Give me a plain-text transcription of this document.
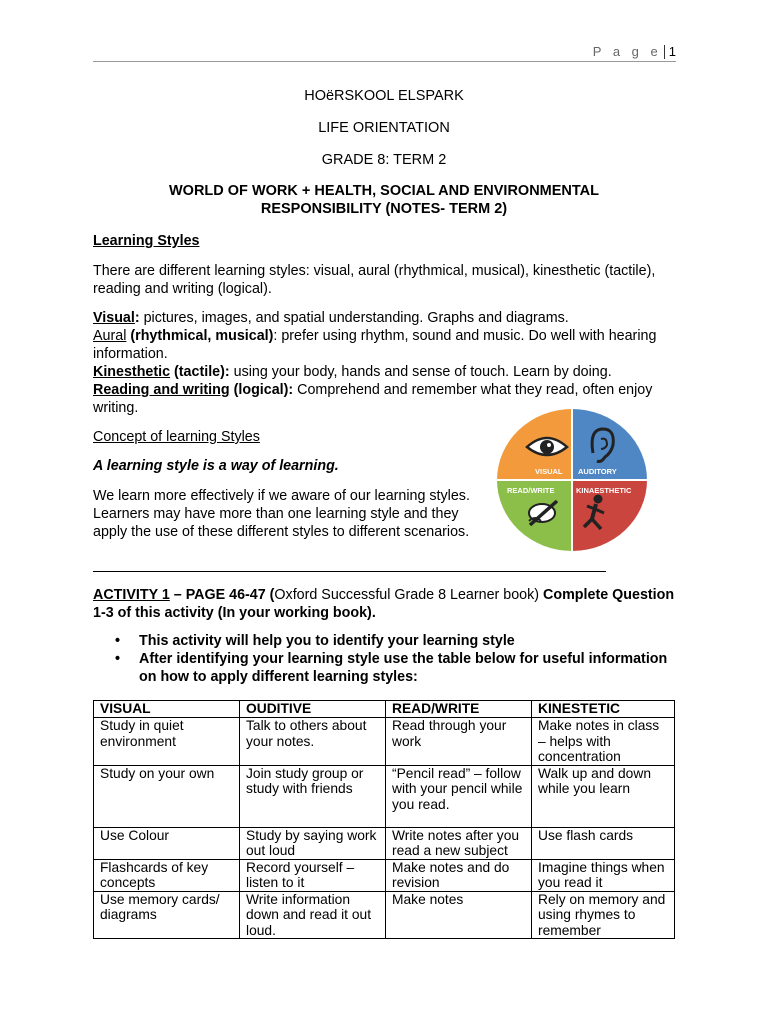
P a g e 1
HOëRSKOOL ELSPARK
LIFE ORIENTATION
GRADE 8: TERM 2
WORLD OF WORK + HEALTH, SOCIAL AND ENVIRONMENTAL
RESPONSIBILITY (NOTES- TERM 2)
Learning Styles
There are different learning styles: visual, aural (rhythmical, musical), kinesthetic (tactile), reading and writing (logical).
Visual: pictures, images, and spatial understanding. Graphs and diagrams.
Aural (rhythmical, musical): prefer using rhythm, sound and music. Do well with hearing information.
Kinesthetic (tactile): using your body, hands and sense of touch. Learn by doing.
Reading and writing (logical): Comprehend and remember what they read, often enjoy writing.
Concept of learning Styles
A learning style is a way of learning.
We learn more effectively if we aware of our learning styles. Learners may have more than one learning style and they apply the use of these different styles to different scenarios.
VISUAL AUDITORY
READ/WRITE	KINAESTHETIC
ACTIVITY 1 – PAGE 46-47 (Oxford Successful Grade 8 Learner book) Complete Question 1-3 of this activity (In your working book).
• This activity will help you to identify your learning style
• After identifying your learning style use the table below for useful information on how to apply different learning styles:
VISUAL	OUDITIVE	READ/WRITE	KINESTETIC
Study in quiet environment	Talk to others about your notes.	Read through your work	Make notes in class – helps with concentration
Study on your own	Join study group or study with friends	“Pencil read” – follow with your pencil while you read.	Walk up and down while you learn
Use Colour	Study by saying work out loud	Write notes after you read a new subject	Use flash cards
Flashcards of key concepts	Record yourself – listen to it	Make notes and do revision	Imagine things when you read it
Use memory cards/ diagrams	Write information down and read it out loud.	Make notes	Rely on memory and using rhymes to remember
